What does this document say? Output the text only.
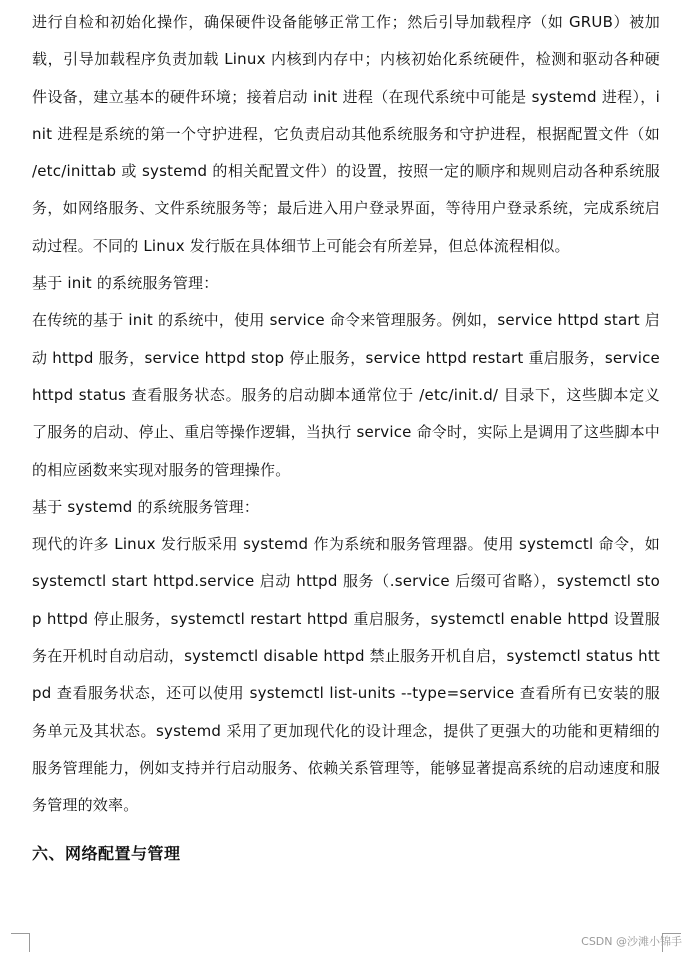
进行自检和初始化操作，确保硬件设备能够正常工作；然后引导加载程序（如 GRUB）被加载，引导加载程序负责加载 Linux 内核到内存中；内核初始化系统硬件，检测和驱动各种硬件设备，建立基本的硬件环境；接着启动 init 进程（在现代系统中可能是 systemd 进程），init 进程是系统的第一个守护进程，它负责启动其他系统服务和守护进程，根据配置文件（如 /etc/inittab 或 systemd 的相关配置文件）的设置，按照一定的顺序和规则启动各种系统服务，如网络服务、文件系统服务等；最后进入用户登录界面，等待用户登录系统，完成系统启动过程。不同的 Linux 发行版在具体细节上可能会有所差异，但总体流程相似。

基于 init 的系统服务管理：

在传统的基于 init 的系统中，使用 service 命令来管理服务。例如，service httpd start 启动 httpd 服务，service httpd stop 停止服务，service httpd restart 重启服务，service httpd status 查看服务状态。服务的启动脚本通常位于 /etc/init.d/ 目录下，这些脚本定义了服务的启动、停止、重启等操作逻辑，当执行 service 命令时，实际上是调用了这些脚本中的相应函数来实现对服务的管理操作。

基于 systemd 的系统服务管理：

现代的许多 Linux 发行版采用 systemd 作为系统和服务管理器。使用 systemctl 命令，如 systemctl start httpd.service 启动 httpd 服务（.service 后缀可省略），systemctl stop httpd 停止服务，systemctl restart httpd 重启服务，systemctl enable httpd 设置服务在开机时自动启动，systemctl disable httpd 禁止服务开机自启，systemctl status httpd 查看服务状态，还可以使用 systemctl list-units --type=service 查看所有已安装的服务单元及其状态。systemd 采用了更加现代化的设计理念，提供了更强大的功能和更精细的服务管理能力，例如支持并行启动服务、依赖关系管理等，能够显著提高系统的启动速度和服务管理的效率。

六、网络配置与管理
CSDN @沙滩小锦手
